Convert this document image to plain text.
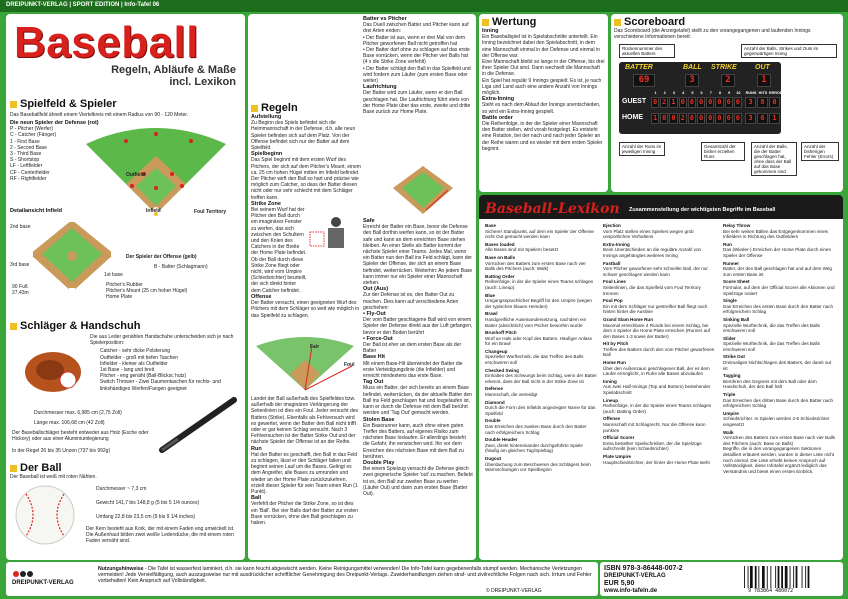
DREIPUNKT-VERLAG | SPORT EDITION | Info-Tafel 06
Baseball
Regeln, Abläufe & Maße
incl. Lexikon
Spielfeld & Spieler
Das Baseballfeld ähnelt einem Viertelkreis mit einem Radius von 90 - 120 Meter.
Die neun Spieler der Defense (rot)
P - Pitcher (Werfer)
C - Catcher (Fänger)
1 - First Base
2 - Second Base
3 - Third Base
S - Shortstop
LF - Leftfielder
CF - Centerfielder
RF - Rightfielder
Outfield
Infield	Foul Territory
Detailansicht Infield
2nd base
3rd base
1st base
90 Fuß 27,43m
Der Spieler der Offense (gelb)
B - Batter (Schlagmann)
Pitcher's Rubber
Pitcher's Mount (25 cm hoher Hügel)
Home Plate
Schläger & Handschuh
Die aus Leder genähten Handschuhe unterscheiden sich je nach Spielerposition:
Catcher - sehr dicke Polsterung
Outfielder - groß mit tiefen Taschen
Infielder - kleiner als Outfielder
1st Base - lang und breit
Pitcher - eng genäht (Ball-Blicksc hutz)
Switch Thrower - Zwei Daumentaschen für rechts- und linkshändiges Werfen/Fangen geeignet
Durchmesser max. 6,985 cm (2,75 Zoll)
Länge max. 106,68 cm (42 Zoll)
Der Baseballschläger besteht entweder aus Holz (Esche oder Hickory) oder aus einer Aluminiumlegierung
In der Regel 26 bis 35 Unzen (737 bis 992g)
Der Ball
Der Baseball ist weiß mit roten Nähten.
Durchmesser ~ 7,3 cm
Gewicht 141,7 bis 148,8 g (5 bis 5 1/4 ounces)
Umfang 22,8 bis 23,5 cm (9 bis 9 1/4 inches)
Der Kern besteht aus Kork, der mit einem Faden eng umwickelt ist. Die Außenhaut bilden zwei weiße Lederstücke, die mit einem roten Faden vernäht sind.
Regeln
Aufstellung
Zu Beginn des Spiels befindet sich die Heimmannschaft in der Defense, d.h. alle neun Spieler befinden sich auf dem Platz. Von der Offense befindet sich nur der Batter auf dem Spielfeld.
Spielbeginn
Das Spiel beginnt mit dem ersten Wurf des Pitchers, der sich auf dem Pitcher's Mount, einem ca. 25 cm hohen Hügel mitten im Infield befindet. Der Pitcher wirft den Ball so hart und präzise wie möglich zum Catcher, so dass der Batter diesen nicht oder nur sehr schlecht mit dem Schläger treffen kann.
Strike Zone
Bei seinem Wurf hat der Pitcher den Ball durch ein imaginäres Fenster zu werfen, das sich zwischen den Schultern und den Knien des Catchers in der Breite der Home Plate befindet. Ob der Ball durch diese Strike Zone fliegt oder nicht, wird vom Umpire (Schiedsrichter) beurteilt, der sich direkt hinter dem Catcher befindet.
Offense
Der Batter versucht, einen geeigneten Wurf des Pitchers mit dem Schläger so weit wie möglich in das Spielfeld zu schlagen.
Fair
Foul
Landet der Ball außerhalb des Spielfeldes bzw. außerhalb der imaginären Verlängerung der Seitenlinien ist dies ein Foul. Jeder versucht des Batters (Strike). Ebenfalls als Fehlversuch wird es gewertet, wenn der Batter den Ball nicht trifft oder er gar keinen Schlag versucht. Nach 3 Fehlversuchen ist der Batter Strike Out und der nächste Spieler der Offense ist an der Reihe.
Run
Hat der Batter es geschafft, den Ball in das Feld zu schlagen, lässt er den Schläger fallen und beginnt seinen Lauf um die Bases. Gelingt es dem Angreifer, alle Bases zu umrunden und wieder an der Home Plate zurückzukehren, erzielt dieser Spieler für sein Team einen Run (1 Punkt).
Ball
Verfehlt der Pitcher die Strike Zone, so ist dies ein 'Ball'. Bei vier Balls darf der Batter zur ersten Base vorrücken, ohne den Ball geschlagen zu haben.
Batter vs Pitcher
Das Duell zwischen Batter und Pitcher kann auf drei Arten enden:
• Der Batter ist aus, wenn er drei Mal von dem Pitcher geworfenen Ball nicht getroffen hat
• Der Batter darf ohne zu schlagen auf das erste Base vorrücken, wenn der Pitcher vier Balls hat (4 x die Strike Zone verfehlt)
• Der Batter schlägt den Ball in das Spielfeld und wird fordern zum Läufer (zum ersten Base oder weiter)
Laufrichtung
Der Batter wird zum Läufer, wenn er den Ball geschlagen hat. Die Laufrichtung führt stets von der Home Plate über das erste, zweite und dritte Base zurück zur Home Plate.
Safe
Erreicht der Batter ein Base, bevor die Defense den Ball dorthin werfen kann, so ist der Batter safe und kann an dem erreichten Base stehen bleiben. An einer Stelle als Batter kommt der nächste Spieler einer Teams. Jedes Mal, wenn ein Batter nun den Ball ins Feld schlägt, kann der Spieler der Offense, der sich an einem Base befindet, weiterrücken. Weiterhin: An jedem Base kann immer nur ein Spieler einer Mannschaft stehen.
Out (Aus)
Zur der Defense ist es, den Batter Out zu machen. Dies kann auf verschiedene Arten geschehen:
• Fly-Out
Der vom Batter geschlagene Ball wird von einem Spieler der Defense direkt aus der Luft gefangen, bevor er den Boden berührt
• Force-Out
Der Ball ist eher an dem ersten Base als der Batter
Base Hit
Mit einem Base-Hit überwindet der Batter die erste Verteidigungslinie (die Infielder) und erreicht mindestens das erste Base.
Tag Out
Muss ein Batter, der sich bereits an einem Base befindet, weiterrücken, da der aktuelle Batter den Ball ins Feld geschlagen hat und losgelaufen ist, kann er durch die Defense mit dem Ball berührt werden und 'Tag Out' gemacht werden.
Stolen Base
Ein Baserunner kann, auch ohne einen guten Treffer des Batters, auf eigenes Risiko zum nächsten Base loslaufen. Er allerdings besteht die Gefahr, ihn verwischen wird. Ihn vor dem Erreichen des nächsten Base mit dem Ball zu berühren.
Double Play
Bei einem Spielzug versucht die Defense gleich zwei gegnerische Spieler 'out' zu machen. Beliebt ist es, den Ball zur zweiten Base zu werfen (Läufer Out) und dann zum ersten Base (Batter Out).
Wertung
Inning
Ein Baseballspiel ist in Spielabschnitte unterteilt. Ein Inning bezeichnet dabei den Spielabschnitt, in dem eine Mannschaft einmal in der Defense und einmal in der Offense war.
Eine Mannschaft bleibt so lange in der Offense, bis drei ihrer Spieler Out sind. Dann wechselt die Mannschaft in die Defense.
Ein Spiel hat regulär 9 Innings gespielt. Es ist, je nach Liga und Land auch eine andere Anzahl von Innings möglich.
Extra-Inning
Steht es nach dem Ablauf der Innings unentschieden, so wird ein Extra-Inning gespielt.
Battle order
Die Reihenfolge, in der die Spieler einer Mannschaft den Batter stellen, wird vorab festgelegt. Es entsteht eine Rotation, bei der nach und nach jeder Spieler an der Reihe waren und es wieder mit dem ersten Spieler beginnt.
Scoreboard
Das Scoreboard (die Anzeigetafel) stellt zu den vorangegangenen und laufenden Innings verschiedene Informationen bereit:
Rückennummer des aktuellen Batters
Anzahl der Balls, Strikes und Outs im gegenwärtigen Inning
BATTER	BALL STRIKE	OUT
69	3	2	1
1	2	3	4	5	6	7	8	9	10	RUNS HITS ERRORS
GUEST
HOME
0 2 1 0 0 0 0 0 0 0	3	8	0
1 0 0 2 0 0 0 0 0 0	3	6	1
Anzahl der Runs im jeweiligen Inning
Gesamtzahl der bisher erzielten Runs
Anzahl der Balls, die der Batter geschlagen hat, ohne dass der Ball auf das Base gekommen sind
Anzahl der bisherigen Fehler (Errors)
Baseball-Lexikon Zusammenstellung der wichtigsten Begriffe im Baseball
Base
Sicherer Standpunkt, auf dem ein Spieler der Offense nicht Out gemacht werden kann
Bases loaded
Alle Bases sind mit Spielern besetzt
Base on Balls
Vorrücken des Batters zum ersten Base nach vier Balls des Pitchers (auch: Walk)
Batting Order
Reihenfolge, in der die Spieler eines Teams schlagen (auch: Lineup)
Blue
Umgangssprachlicher Begriff für den Umpire (wegen der typischen blauen Hemden)
Brawl
Handgreifliche Auseinandersetzung, nachdem ein Batter (absichtlich) vom Pitcher beworfen wurde
Brushoff Pitch
Wurf an Hals oder Kopf des Batters. Häufiger Anlass für ein Brawl
Changeup
Spezieller Wurftechnik, die das Treffen des Balls erschweren soll
Checked Swing
Einhalten des Schwungs beim Schlag, wenn der Batter erkennt, dass der Ball nicht in der Strike Zone ist
Defense
Mannschaft, die verteidigt
Diamond
Durch die Form des Infields angezeigter Name für das Spielfeld
Double
Das Erreichen des zweiten Base durch den Batter nach erfolgreichem Schlag
Double Header
Zwei, direkt hintereinander durchgeführte Spiele (häufig am gleichen Tag/Spieltag)
Dugout
Überdachung zum Beschweren des Schlägers beim Warmschwingen vor Spielbeginn
Ejection
Vom Platz stellen eines Spielers wegen grob unsportlichen Verhaltens
Extra-Inning
Beim Unentschieden an die reguläre Anzahl von Innings angehängtes weiteres Inning
Fastball
Vom Pitcher geworfener sehr schneller Ball, der nur schwer geschlagen werden kann
Foul Lines
Seitenlinien, die das Spielfeld vom Foul Territory trennen
Foul Pop
Ein mit dem Schläger nur gestreifter Ball fliegt nach hinten hinter die Auslinie
Grand Slam Home Run
Maximal erreichbare 4 Runde bei einem Schlag, bei dem 4 Spieler die Home Plate erreichen (Runner auf den Bases 1-3 sowie der Batter)
Hit by Pitch
Treffen des Batters durch den vom Pitcher geworfenen Ball
Home Run
Über den Außenzaun geschlagener Ball, der es dem Läufer ermöglicht, in Ruhe alle Bases abzulaufen
Inning
Aus zwei Half-Innings (Top and Bottom) bestehender Spielabschnitt
Lineup
Reihenfolge, in der die Spieler eines Teams schlagen (auch: Batting Order)
Offense
Mannschaft mit Schlagrecht. Nur die Offense kann punkten
Official Scorer
Extra bestellter Spielschreiber, der die Spielzüge aufschreibt (kein Schiedsrichter)
Plate Umpire
Hauptschiedsrichter, der hinter der Home Plate steht
Relay Throw
Bei sehr weiten Bällen das Entgegenkommen eines Infielders in Richtung des Outfielders
Run
Das (Wieder-) Erreichen der Home Plate durch einen Spieler der Offense
Runner
Batter, der den Ball geschlagen hat und auf dem Weg zum ersten Base ist
Score Sheet
Formular, auf dem der Official Scorer alle Aktionen und Spielzüge notiert
Single
Das Erreichen des ersten Base durch den Batter nach erfolgreichem Schlag
Sinking Ball
Spezielle Wurftechnik, die das Treffen des Balls erschweren soll
Slider
Spezielle Wurftechnik, die das Treffen des Balls erschweren soll
Strike Out
Dreimaliges Nichtschlagen des Batters, der damit out ist
Tagging
Berühren des Gegners mit dem Ball oder dem Handschuh, der den Ball hält
Triple
Das Erreichen des dritten Base durch den Batter nach erfolgreichem Schlag
Umpire
Schiedsrichter. In Spielen werden 2-6 Schiedsrichter eingesetzt
Walk
Vorrücken des Batters zum ersten Base nach vier Balls des Pitchers (auch: Base on Balls)
Begriffe, die in den vorangegangenen Sektionen detailliert erläutert werden, wurden in dieser Liste nicht noch einmal. Die Liste erhebt keinen Anspruch auf Vollständigkeit, diese Infotafel ergänzt lediglich das Verständnis und bietet einen ersten Einblick.
DREIPUNKT-VERLAG
Nutzungshinweise - Die Tafel ist wasserfest laminiert, d.h. sie kann feucht abgewischt werden. Keine Reinigungsmittel verwenden! Die Info-Tafel kann gegebenenfalls stumpf werden. Mechanische Verletzungen vermeiden! Jede Vervielfältigung, auch auszugsweise nur mit ausdrücklicher schriftlicher Genehmigung des Dreipunkt-Verlags. Zuwiderhandlungen ziehen straf- und zivilrechtliche Folgen nach sich. Irrtum und Fehler vorbehalten! Kein Anspruch auf Vollständigkeit.
© DREIPUNKT-VERLAG
ISBN 978-3-86448-007-2
DREIPUNKT-VERLAG
EUR 5,90
www.info-tafeln.de	9 783864 480072
